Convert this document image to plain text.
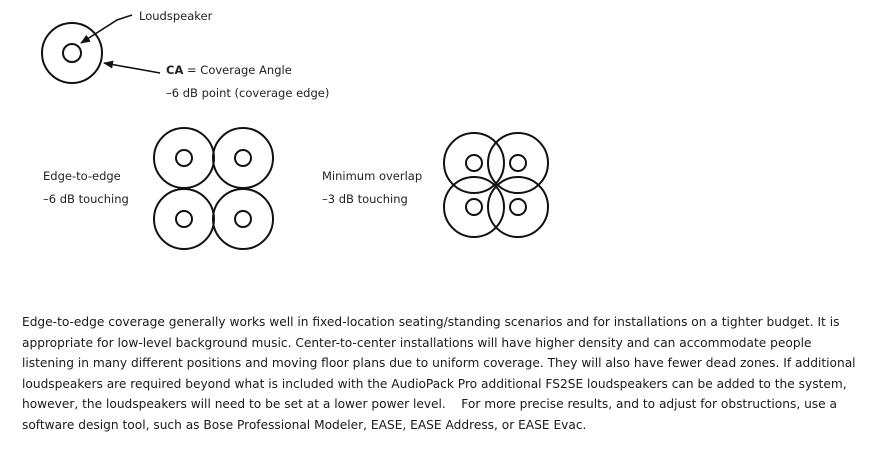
Loudspeaker
CA = Coverage Angle
–6 dB point (coverage edge)
Edge-to-edge
–6 dB touching
Minimum overlap
–3 dB touching

Edge-to-edge coverage generally works well in fixed-location seating/standing scenarios and for installations on a tighter budget. It is appropriate for low-level background music. Center-to-center installations will have higher density and can accommodate people listening in many different positions and moving floor plans due to uniform coverage. They will also have fewer dead zones. If additional loudspeakers are required beyond what is included with the AudioPack Pro additional FS2SE loudspeakers can be added to the system, however, the loudspeakers will need to be set at a lower power level.    For more precise results, and to adjust for obstructions, use a software design tool, such as Bose Professional Modeler, EASE, EASE Address, or EASE Evac.
